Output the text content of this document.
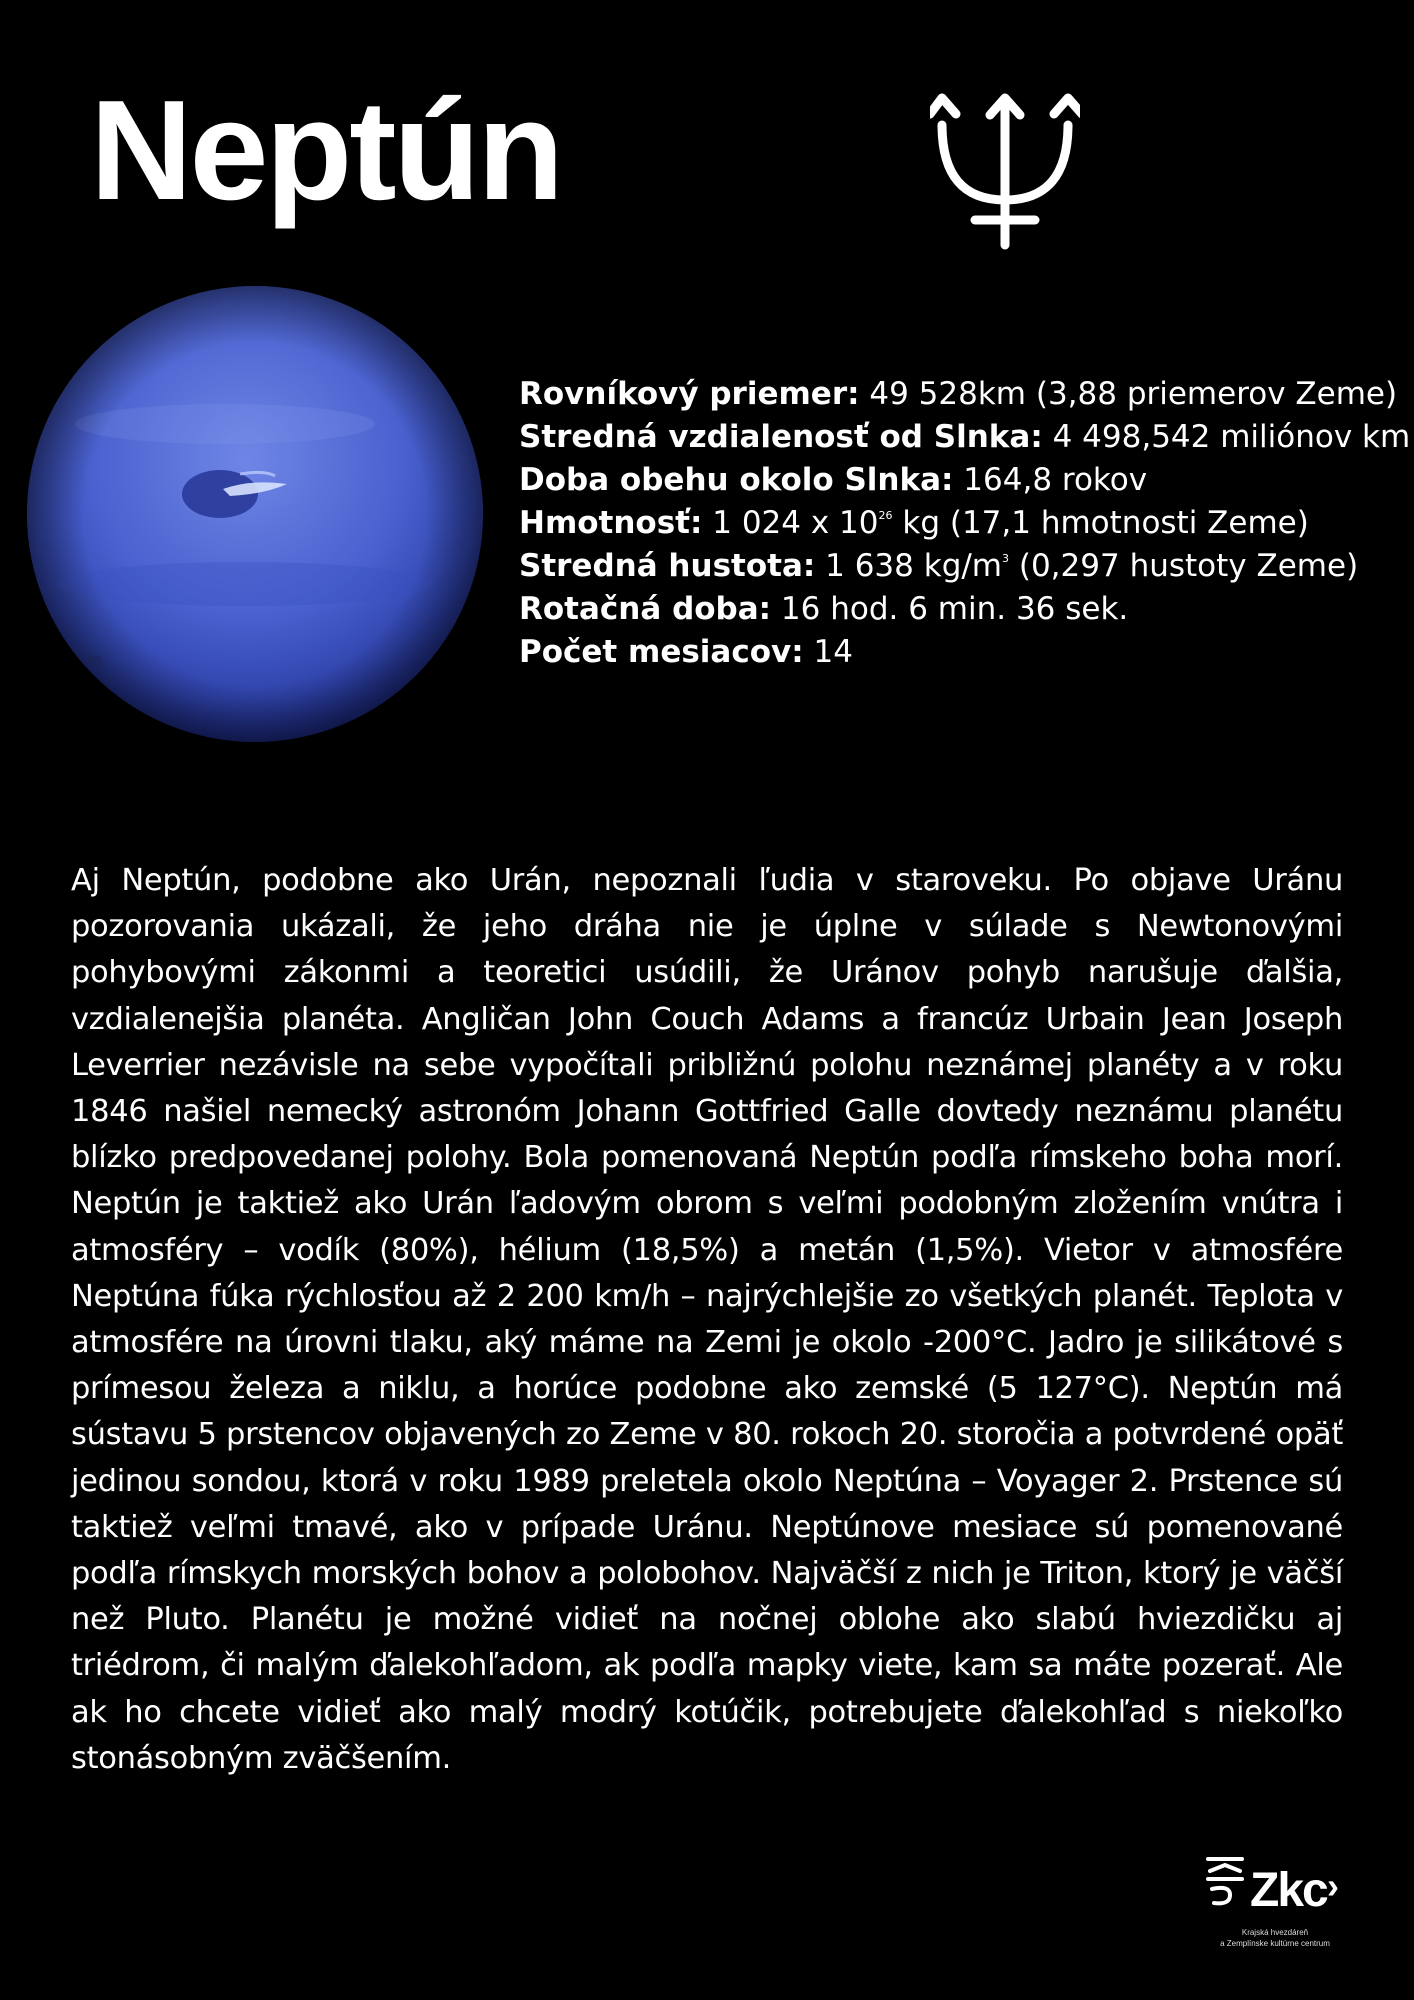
Neptún
Rovníkový priemer: 49 528km (3,88 priemerov Zeme)
Stredná vzdialenosť od Slnka: 4 498,542 miliónov km
Doba obehu okolo Slnka: 164,8 rokov
Hmotnosť: 1 024 x $10^{26}$ kg (17,1 hmotnosti Zeme)
Stredná hustota: 1 638 $kg/m^3$ (0,297 hustoty Zeme)
Rotačná doba: 16 hod. 6 min. 36 sek.
Počet mesiacov: 14

Aj Neptún, podobne ako Urán, nepoznali ľudia v staroveku. Po objave Uránu pozorovania ukázali, že jeho dráha nie je úplne v súlade s Newtonovými pohybovými zákonmi a teoretici usúdili, že Uránov pohyb narušuje ďalšia, vzdialenejšia planéta. Angličan John Couch Adams a francúz Urbain Jean Joseph Leverrier nezávisle na sebe vypočítali približnú polohu neznámej planéty a v roku 1846 našiel nemecký astronóm Johann Gottfried Galle dovtedy neznámu planétu blízko predpovedanej polohy. Bola pomenovaná Neptún podľa rímskeho boha morí. Neptún je taktiež ako Urán ľadovým obrom s veľmi podobným zložením vnútra i atmosféry – vodík (80%), hélium (18,5%) a metán (1,5%). Vietor v atmosfére Neptúna fúka rýchlosťou až 2 200 km/h – najrýchlejšie zo všetkých planét. Teplota v atmosfére na úrovni tlaku, aký máme na Zemi je okolo -200°C. Jadro je silikátové s prímesou železa a niklu, a horúce podobne ako zemské (5 127°C). Neptún má sústavu 5 prstencov objavených zo Zeme v 80. rokoch 20. storočia a potvrdené opäť jedinou sondou, ktorá v roku 1989 preletela okolo Neptúna – Voyager 2. Prstence sú taktiež veľmi tmavé, ako v prípade Uránu. Neptúnove mesiace sú pomenované podľa rímskych morských bohov a polobohov. Najväčší z nich je Triton, ktorý je väčší než Pluto. Planétu je možné vidieť na nočnej oblohe ako slabú hviezdičku aj triédrom, či malým ďalekohľadom, ak podľa mapky viete, kam sa máte pozerať. Ale ak ho chcete vidieť ako malý modrý kotúčik, potrebujete ďalekohľad s niekoľko stonásobným zväčšením.

Zkc ›
Krajská hvezdáreň
a Zemplínske kultúrne centrum
